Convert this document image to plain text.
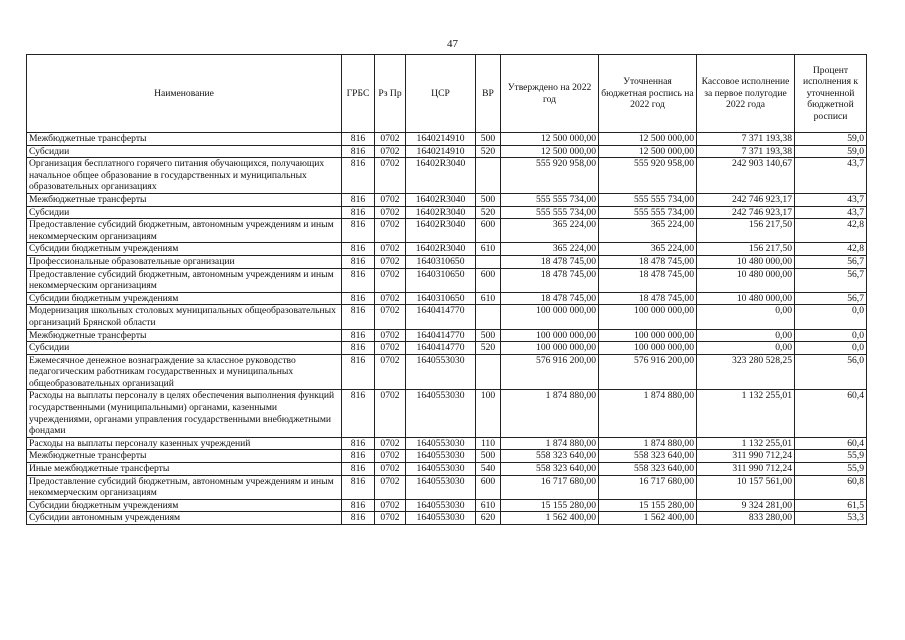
47
Наименование	ГРБС	Рз Пр	ЦСР	ВР	Утверждено на 2022 год	Уточненная бюджетная роспись на 2022 год	Кассовое исполнение за первое полугодие 2022 года	Процент исполнения к уточненной бюджетной росписи
Межбюджетные трансферты	816	0702	1640214910	500	12 500 000,00	12 500 000,00	7 371 193,38	59,0
Субсидии	816	0702	1640214910	520	12 500 000,00	12 500 000,00	7 371 193,38	59,0
Организация бесплатного горячего питания обучающихся, получающих начальное общее образование в государственных и муниципальных образовательных организациях	816	0702	16402R3040		555 920 958,00	555 920 958,00	242 903 140,67	43,7
Межбюджетные трансферты	816	0702	16402R3040	500	555 555 734,00	555 555 734,00	242 746 923,17	43,7
Субсидии	816	0702	16402R3040	520	555 555 734,00	555 555 734,00	242 746 923,17	43,7
Предоставление субсидий бюджетным, автономным учреждениям и иным некоммерческим организациям	816	0702	16402R3040	600	365 224,00	365 224,00	156 217,50	42,8
Субсидии бюджетным учреждениям	816	0702	16402R3040	610	365 224,00	365 224,00	156 217,50	42,8
Профессиональные образовательные организации	816	0702	1640310650		18 478 745,00	18 478 745,00	10 480 000,00	56,7
Предоставление субсидий бюджетным, автономным учреждениям и иным некоммерческим организациям	816	0702	1640310650	600	18 478 745,00	18 478 745,00	10 480 000,00	56,7
Субсидии бюджетным учреждениям	816	0702	1640310650	610	18 478 745,00	18 478 745,00	10 480 000,00	56,7
Модернизация школьных столовых муниципальных общеобразовательных организаций Брянской области	816	0702	1640414770		100 000 000,00	100 000 000,00	0,00	0,0
Межбюджетные трансферты	816	0702	1640414770	500	100 000 000,00	100 000 000,00	0,00	0,0
Субсидии	816	0702	1640414770	520	100 000 000,00	100 000 000,00	0,00	0,0
Ежемесячное денежное вознаграждение за классное руководство педагогическим работникам государственных и муниципальных общеобразовательных организаций	816	0702	1640553030		576 916 200,00	576 916 200,00	323 280 528,25	56,0
Расходы на выплаты персоналу в целях обеспечения выполнения функций государственными (муниципальными) органами, казенными учреждениями, органами управления государственными внебюджетными фондами	816	0702	1640553030	100	1 874 880,00	1 874 880,00	1 132 255,01	60,4
Расходы на выплаты персоналу казенных учреждений	816	0702	1640553030	110	1 874 880,00	1 874 880,00	1 132 255,01	60,4
Межбюджетные трансферты	816	0702	1640553030	500	558 323 640,00	558 323 640,00	311 990 712,24	55,9
Иные межбюджетные трансферты	816	0702	1640553030	540	558 323 640,00	558 323 640,00	311 990 712,24	55,9
Предоставление субсидий бюджетным, автономным учреждениям и иным некоммерческим организациям	816	0702	1640553030	600	16 717 680,00	16 717 680,00	10 157 561,00	60,8
Субсидии бюджетным учреждениям	816	0702	1640553030	610	15 155 280,00	15 155 280,00	9 324 281,00	61,5
Субсидии автономным учреждениям	816	0702	1640553030	620	1 562 400,00	1 562 400,00	833 280,00	53,3
